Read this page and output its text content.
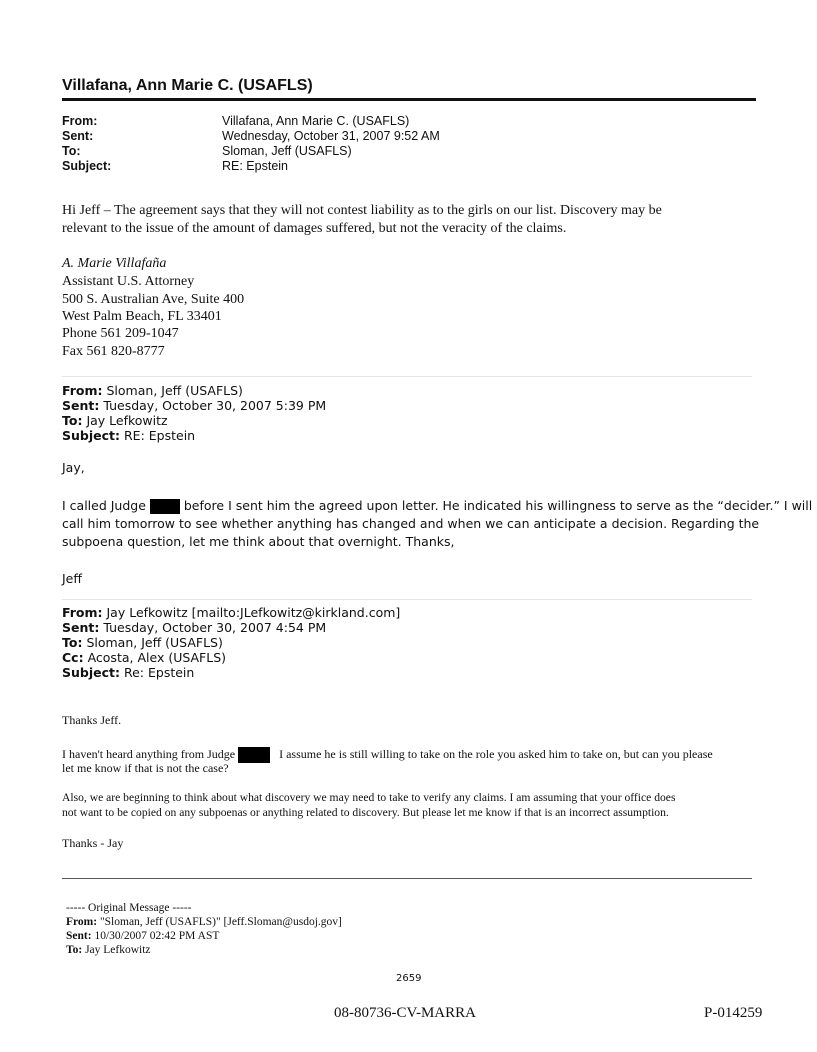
Villafana, Ann Marie C. (USAFLS)
From:	Villafana, Ann Marie C. (USAFLS)
Sent:	Wednesday, October 31, 2007 9:52 AM
To:	Sloman, Jeff (USAFLS)
Subject:	RE: Epstein
Hi Jeff – The agreement says that they will not contest liability as to the girls on our list. Discovery may be
relevant to the issue of the amount of damages suffered, but not the veracity of the claims.
A. Marie Villafaña
Assistant U.S. Attorney
500 S. Australian Ave, Suite 400
West Palm Beach, FL 33401
Phone 561 209-1047
Fax 561 820-8777
From: Sloman, Jeff (USAFLS)
Sent: Tuesday, October 30, 2007 5:39 PM
To: Jay Lefkowitz
Subject: RE: Epstein
Jay,
I called Judge	before I sent him the agreed upon letter. He indicated his willingness to serve as the “decider.” I will
call him tomorrow to see whether anything has changed and when we can anticipate a decision. Regarding the
subpoena question, let me think about that overnight. Thanks,
Jeff
From: Jay Lefkowitz [mailto:JLefkowitz@kirkland.com]
Sent: Tuesday, October 30, 2007 4:54 PM
To: Sloman, Jeff (USAFLS)
Cc: Acosta, Alex (USAFLS)
Subject: Re: Epstein
Thanks Jeff.
I haven't heard anything from Judge	I assume he is still willing to take on the role you asked him to take on, but can you please
let me know if that is not the case?
Also, we are beginning to think about what discovery we may need to take to verify any claims. I am assuming that your office does
not want to be copied on any subpoenas or anything related to discovery. But please let me know if that is an incorrect assumption.
Thanks - Jay
----- Original Message -----
From: "Sloman, Jeff (USAFLS)" [Jeff.Sloman@usdoj.gov]
Sent: 10/30/2007 02:42 PM AST
To: Jay Lefkowitz
2659
08-80736-CV-MARRA	P-014259
